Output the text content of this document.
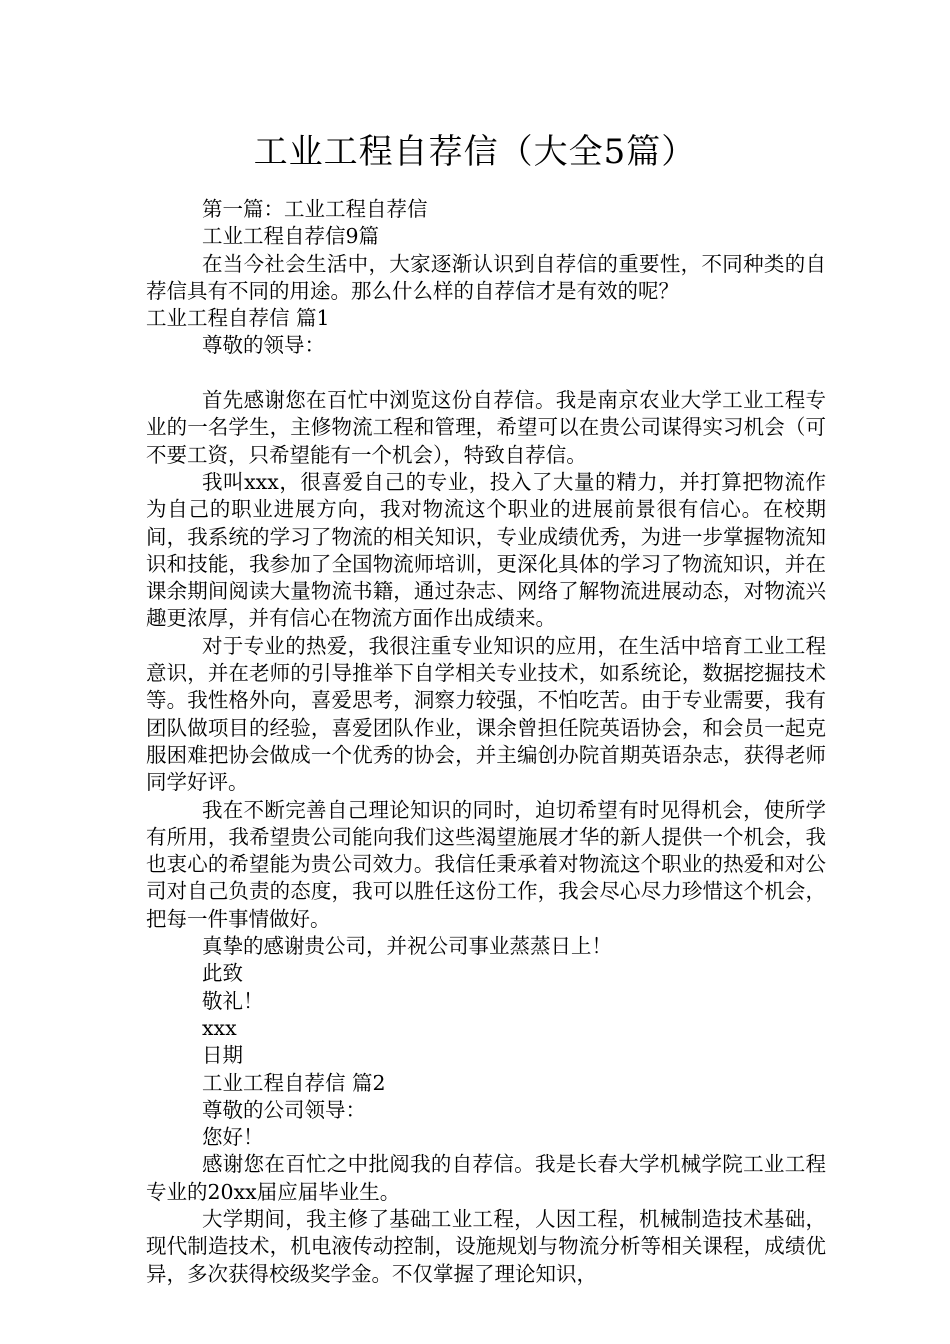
工业工程自荐信（大全5篇）

第一篇：工业工程自荐信

工业工程自荐信9篇

在当今社会生活中，大家逐渐认识到自荐信的重要性，不同种类的自荐信具有不同的用途。那么什么样的自荐信才是有效的呢？

工业工程自荐信 篇1

尊敬的领导：

首先感谢您在百忙中浏览这份自荐信。我是南京农业大学工业工程专业的一名学生，主修物流工程和管理，希望可以在贵公司谋得实习机会（可不要工资，只希望能有一个机会），特致自荐信。

我叫xxx，很喜爱自己的专业，投入了大量的精力，并打算把物流作为自己的职业进展方向，我对物流这个职业的进展前景很有信心。在校期间，我系统的学习了物流的相关知识，专业成绩优秀，为进一步掌握物流知识和技能，我参加了全国物流师培训，更深化具体的学习了物流知识，并在课余期间阅读大量物流书籍，通过杂志、网络了解物流进展动态，对物流兴趣更浓厚，并有信心在物流方面作出成绩来。

对于专业的热爱，我很注重专业知识的应用，在生活中培育工业工程意识，并在老师的引导推举下自学相关专业技术，如系统论，数据挖掘技术等。我性格外向，喜爱思考，洞察力较强，不怕吃苦。由于专业需要，我有团队做项目的经验，喜爱团队作业，课余曾担任院英语协会，和会员一起克服困难把协会做成一个优秀的协会，并主编创办院首期英语杂志，获得老师同学好评。

我在不断完善自己理论知识的同时，迫切希望有时见得机会，使所学有所用，我希望贵公司能向我们这些渴望施展才华的新人提供一个机会，我也衷心的希望能为贵公司效力。我信任秉承着对物流这个职业的热爱和对公司对自己负责的态度，我可以胜任这份工作，我会尽心尽力珍惜这个机会，把每一件事情做好。

真挚的感谢贵公司，并祝公司事业蒸蒸日上！

此致

敬礼！

xxx

日期

工业工程自荐信 篇2

尊敬的公司领导：

您好！

感谢您在百忙之中批阅我的自荐信。我是长春大学机械学院工业工程专业的20xx届应届毕业生。

大学期间，我主修了基础工业工程，人因工程，机械制造技术基础，现代制造技术，机电液传动控制，设施规划与物流分析等相关课程，成绩优异，多次获得校级奖学金。不仅掌握了理论知识，
